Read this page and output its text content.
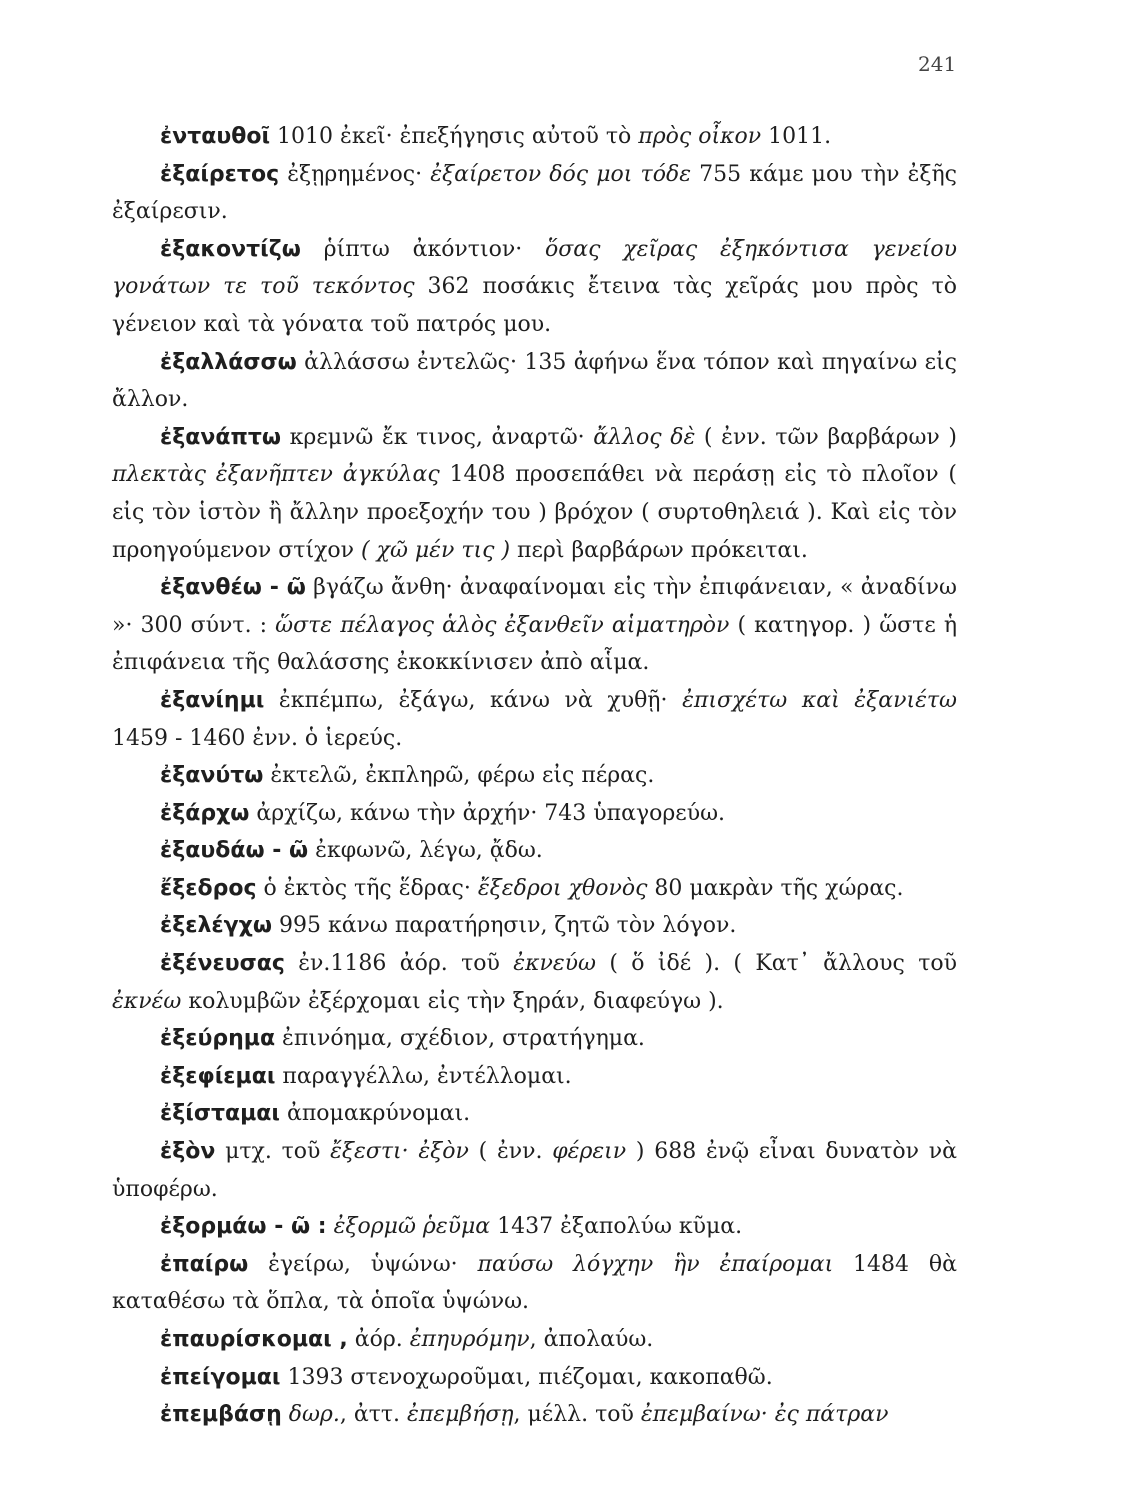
241

ἐνταυθοῖ 1010 ἐκεῖ· ἐπεξήγησις αὐτοῦ τὸ πρὸς οἶκον 1011.

ἐξαίρετος ἐξῃρημένος· ἐξαίρετον δός μοι τόδε 755 κάμε μου τὴν ἐξῆς ἐξαίρεσιν.

ἐξακοντίζω ῥίπτω ἀκόντιον· ὅσας χεῖρας ἐξηκόντισα γενείου γονάτων τε τοῦ τεκόντος 362 ποσάκις ἔτεινα τὰς χεῖράς μου πρὸς τὸ γένειον καὶ τὰ γόνατα τοῦ πατρός μου.

ἐξαλλάσσω ἀλλάσσω ἐντελῶς· 135 ἀφήνω ἕνα τόπον καὶ πηγαίνω εἰς ἄλλον.

ἐξανάπτω κρεμνῶ ἔκ τινος, ἀναρτῶ· ἄλλος δὲ ( ἐνν. τῶν βαρβάρων ) πλεκτὰς ἐξανῆπτεν ἀγκύλας 1408 προσεπάθει νὰ περάσῃ εἰς τὸ πλοῖον ( εἰς τὸν ἱστὸν ἢ ἄλλην προεξοχήν του ) βρόχον ( συρτοθηλειά ). Καὶ εἰς τὸν προηγούμενον στίχον ( χῶ μέν τις ) περὶ βαρβάρων πρόκειται.

ἐξανθέω - ῶ βγάζω ἄνθη· ἀναφαίνομαι εἰς τὴν ἐπιφάνειαν, « ἀναδίνω »· 300 σύντ. : ὥστε πέλαγος ἁλὸς ἐξανθεῖν αἱματηρὸν ( κατηγορ. ) ὥστε ἡ ἐπιφάνεια τῆς θαλάσσης ἐκοκκίνισεν ἀπὸ αἷμα.

ἐξανίημι ἐκπέμπω, ἐξάγω, κάνω νὰ χυθῇ· ἐπισχέτω καὶ ἐξανιέτω 1459 - 1460 ἐνν. ὁ ἱερεύς.

ἐξανύτω ἐκτελῶ, ἐκπληρῶ, φέρω εἰς πέρας.

ἐξάρχω ἀρχίζω, κάνω τὴν ἀρχήν· 743 ὑπαγορεύω.

ἐξαυδάω - ῶ ἐκφωνῶ, λέγω, ᾄδω.

ἔξεδρος ὁ ἐκτὸς τῆς ἕδρας· ἔξεδροι χθονὸς 80 μακρὰν τῆς χώρας.

ἐξελέγχω 995 κάνω παρατήρησιν, ζητῶ τὸν λόγον.

ἐξένευσας ἐν.1186 ἀόρ. τοῦ ἐκνεύω ( ὅ ἰδέ ). ( Κατ᾽ ἄλλους τοῦ ἐκνέω κολυμβῶν ἐξέρχομαι εἰς τὴν ξηράν, διαφεύγω ).

ἐξεύρημα ἐπινόημα, σχέδιον, στρατήγημα.

ἐξεφίεμαι παραγγέλλω, ἐντέλλομαι.

ἐξίσταμαι ἀπομακρύνομαι.

ἐξὸν μτχ. τοῦ ἔξεστι· ἐξὸν ( ἐνν. φέρειν ) 688 ἐνῷ εἶναι δυνατὸν νὰ ὑποφέρω.

ἐξορμάω - ῶ : ἐξορμῶ ῥεῦμα 1437 ἐξαπολύω κῦμα.

ἐπαίρω ἐγείρω, ὑψώνω· παύσω λόγχην ἣν ἐπαίρομαι 1484 θὰ καταθέσω τὰ ὅπλα, τὰ ὁποῖα ὑψώνω.

ἐπαυρίσκομαι , ἀόρ. ἐπηυρόμην, ἀπολαύω.

ἐπείγομαι 1393 στενοχωροῦμαι, πιέζομαι, κακοπαθῶ.

ἐπεμβάσῃ δωρ., ἀττ. ἐπεμβήσῃ, μέλλ. τοῦ ἐπεμβαίνω· ἐς πάτραν
